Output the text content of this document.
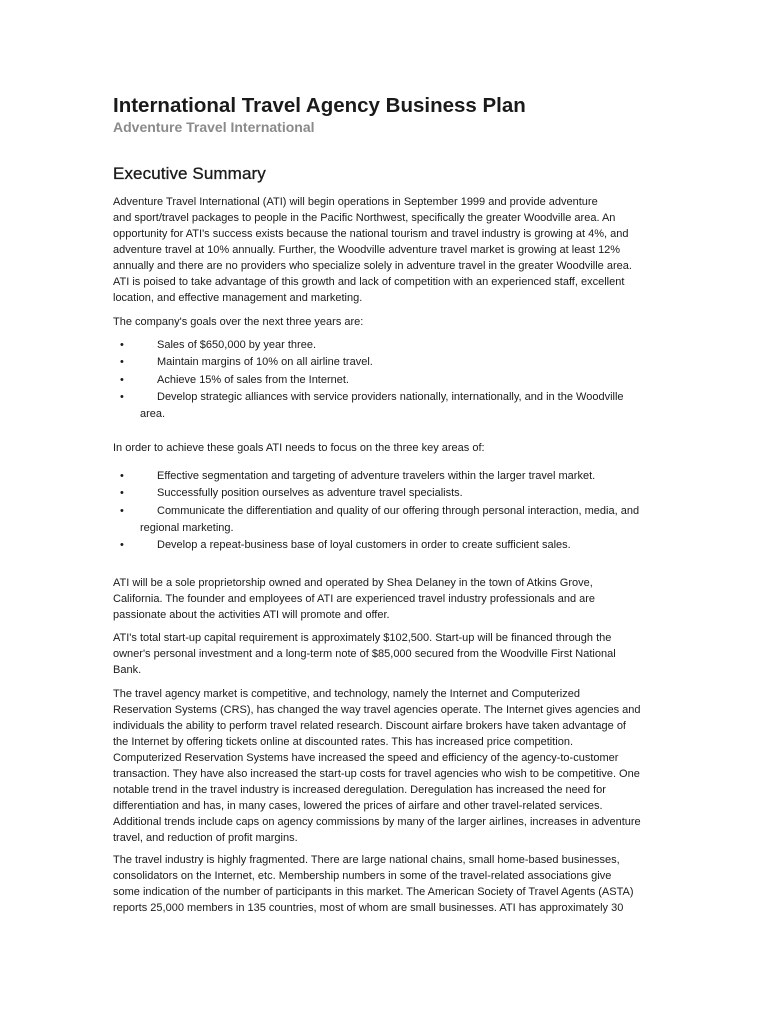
International Travel Agency Business Plan

Adventure Travel International

Executive Summary
Adventure Travel International (ATI) will begin operations in September 1999 and provide adventure
and sport/travel packages to people in the Pacific Northwest, specifically the greater Woodville area. An
opportunity for ATI's success exists because the national tourism and travel industry is growing at 4%, and
adventure travel at 10% annually. Further, the Woodville adventure travel market is growing at least 12%
annually and there are no providers who specialize solely in adventure travel in the greater Woodville area.
ATI is poised to take advantage of this growth and lack of competition with an experienced staff, excellent
location, and effective management and marketing.
The company's goals over the next three years are:
•	Sales of $650,000 by year three.
•	Maintain margins of 10% on all airline travel.
•	Achieve 15% of sales from the Internet.
•	Develop strategic alliances with service providers nationally, internationally, and in the Woodville
area.
In order to achieve these goals ATI needs to focus on the three key areas of:
•	Effective segmentation and targeting of adventure travelers within the larger travel market.
•	Successfully position ourselves as adventure travel specialists.
•	Communicate the differentiation and quality of our offering through personal interaction, media, and
regional marketing.
•	Develop a repeat-business base of loyal customers in order to create sufficient sales.
ATI will be a sole proprietorship owned and operated by Shea Delaney in the town of Atkins Grove,
California. The founder and employees of ATI are experienced travel industry professionals and are
passionate about the activities ATI will promote and offer.
ATI's total start-up capital requirement is approximately $102,500. Start-up will be financed through the
owner's personal investment and a long-term note of $85,000 secured from the Woodville First National
Bank.
The travel agency market is competitive, and technology, namely the Internet and Computerized
Reservation Systems (CRS), has changed the way travel agencies operate. The Internet gives agencies and
individuals the ability to perform travel related research. Discount airfare brokers have taken advantage of
the Internet by offering tickets online at discounted rates. This has increased price competition.
Computerized Reservation Systems have increased the speed and efficiency of the agency-to-customer
transaction. They have also increased the start-up costs for travel agencies who wish to be competitive. One
notable trend in the travel industry is increased deregulation. Deregulation has increased the need for
differentiation and has, in many cases, lowered the prices of airfare and other travel-related services.
Additional trends include caps on agency commissions by many of the larger airlines, increases in adventure
travel, and reduction of profit margins.
The travel industry is highly fragmented. There are large national chains, small home-based businesses,
consolidators on the Internet, etc. Membership numbers in some of the travel-related associations give
some indication of the number of participants in this market. The American Society of Travel Agents (ASTA)
reports 25,000 members in 135 countries, most of whom are small businesses. ATI has approximately 30
